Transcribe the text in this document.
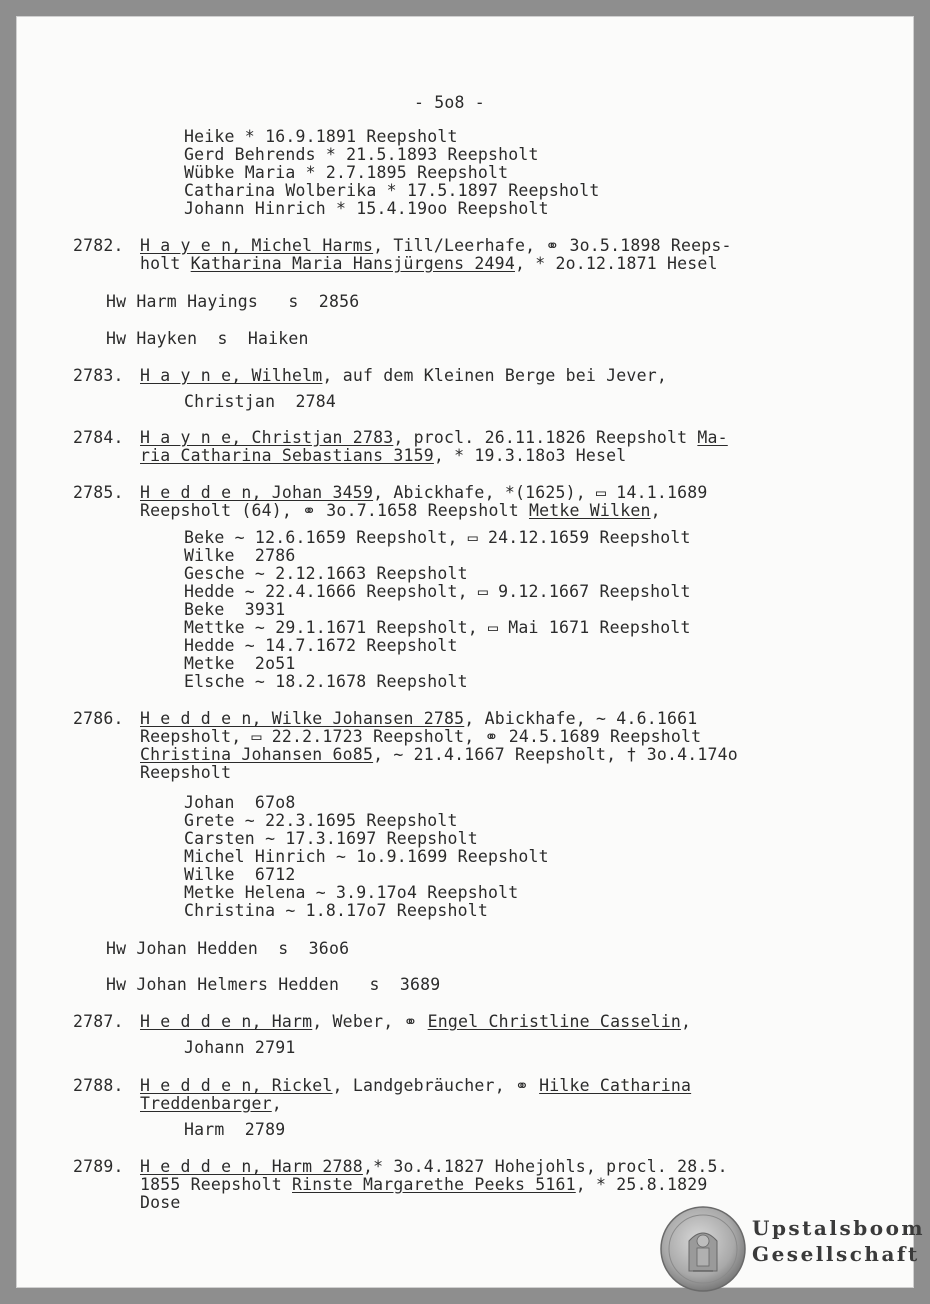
- 5o8 -
Heike * 16.9.1891 Reepsholt
Gerd Behrends * 21.5.1893 Reepsholt
Wübke Maria * 2.7.1895 Reepsholt
Catharina Wolberika * 17.5.1897 Reepsholt
Johann Hinrich * 15.4.19oo Reepsholt
2782. H a y e n, Michel Harms, Till/Leerhafe, ⚭ 3o.5.1898 Reeps-
holt Katharina Maria Hansjürgens 2494, * 2o.12.1871 Hesel
Hw Harm Hayings   s  2856
Hw Hayken  s  Haiken
2783. H a y n e, Wilhelm, auf dem Kleinen Berge bei Jever,
Christjan  2784
2784. H a y n e, Christjan 2783, procl. 26.11.1826 Reepsholt Ma-
ria Catharina Sebastians 3159, * 19.3.18o3 Hesel
2785. H e d d e n, Johan 3459, Abickhafe, *(1625), ▭ 14.1.1689
Reepsholt (64), ⚭ 3o.7.1658 Reepsholt Metke Wilken,
Beke ~ 12.6.1659 Reepsholt, ▭ 24.12.1659 Reepsholt
Wilke  2786
Gesche ~ 2.12.1663 Reepsholt
Hedde ~ 22.4.1666 Reepsholt, ▭ 9.12.1667 Reepsholt
Beke  3931
Mettke ~ 29.1.1671 Reepsholt, ▭ Mai 1671 Reepsholt
Hedde ~ 14.7.1672 Reepsholt
Metke  2o51
Elsche ~ 18.2.1678 Reepsholt
2786. H e d d e n, Wilke Johansen 2785, Abickhafe, ~ 4.6.1661
Reepsholt, ▭ 22.2.1723 Reepsholt, ⚭ 24.5.1689 Reepsholt
Christina Johansen 6o85, ~ 21.4.1667 Reepsholt, † 3o.4.174o
Reepsholt
Johan  67o8
Grete ~ 22.3.1695 Reepsholt
Carsten ~ 17.3.1697 Reepsholt
Michel Hinrich ~ 1o.9.1699 Reepsholt
Wilke  6712
Metke Helena ~ 3.9.17o4 Reepsholt
Christina ~ 1.8.17o7 Reepsholt
Hw Johan Hedden  s  36o6
Hw Johan Helmers Hedden   s  3689
2787. H e d d e n, Harm, Weber, ⚭ Engel Christline Casselin,
Johann 2791
2788. H e d d e n, Rickel, Landgebräucher, ⚭ Hilke Catharina
Treddenbarger,
Harm  2789
2789. H e d d e n, Harm 2788,* 3o.4.1827 Hohejohls, procl. 28.5.
1855 Reepsholt Rinste Margarethe Peeks 5161, * 25.8.1829
Dose
Upstalsboom
Gesellschaft
